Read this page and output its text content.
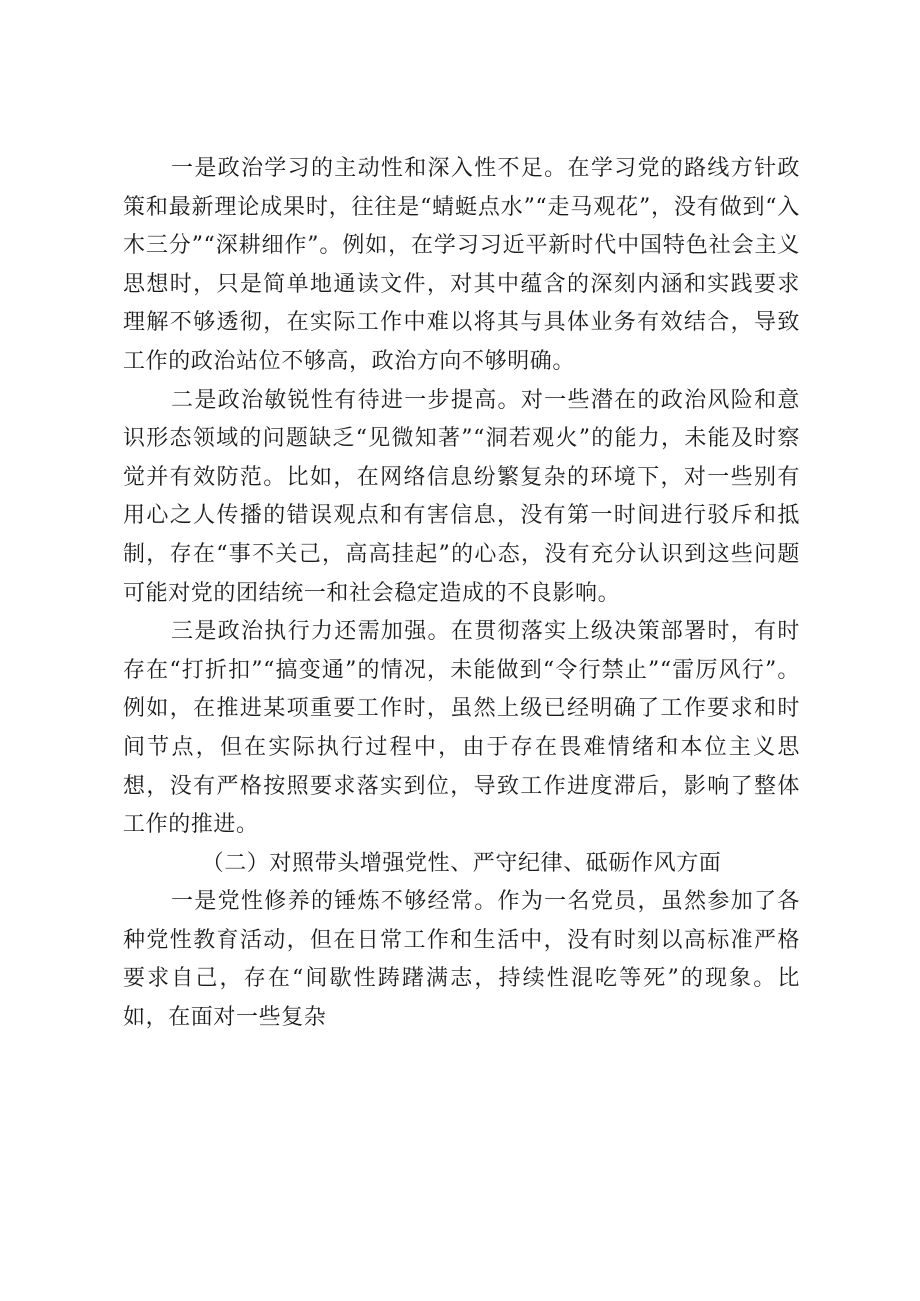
一是政治学习的主动性和深入性不足。在学习党的路线方针政策和最新理论成果时，往往是“蜻蜓点水”“走马观花”，没有做到“入木三分”“深耕细作”。例如，在学习习近平新时代中国特色社会主义思想时，只是简单地通读文件，对其中蕴含的深刻内涵和实践要求理解不够透彻，在实际工作中难以将其与具体业务有效结合，导致工作的政治站位不够高，政治方向不够明确。

二是政治敏锐性有待进一步提高。对一些潜在的政治风险和意识形态领域的问题缺乏“见微知著”“洞若观火”的能力，未能及时察觉并有效防范。比如，在网络信息纷繁复杂的环境下，对一些别有用心之人传播的错误观点和有害信息，没有第一时间进行驳斥和抵制，存在“事不关己，高高挂起”的心态，没有充分认识到这些问题可能对党的团结统一和社会稳定造成的不良影响。

三是政治执行力还需加强。在贯彻落实上级决策部署时，有时存在“打折扣”“搞变通”的情况，未能做到“令行禁止”“雷厉风行”。例如，在推进某项重要工作时，虽然上级已经明确了工作要求和时间节点，但在实际执行过程中，由于存在畏难情绪和本位主义思想，没有严格按照要求落实到位，导致工作进度滞后，影响了整体工作的推进。

（二）对照带头增强党性、严守纪律、砥砺作风方面

一是党性修养的锤炼不够经常。作为一名党员，虽然参加了各种党性教育活动，但在日常工作和生活中，没有时刻以高标准严格要求自己，存在“间歇性踌躇满志，持续性混吃等死”的现象。比如，在面对一些复杂
